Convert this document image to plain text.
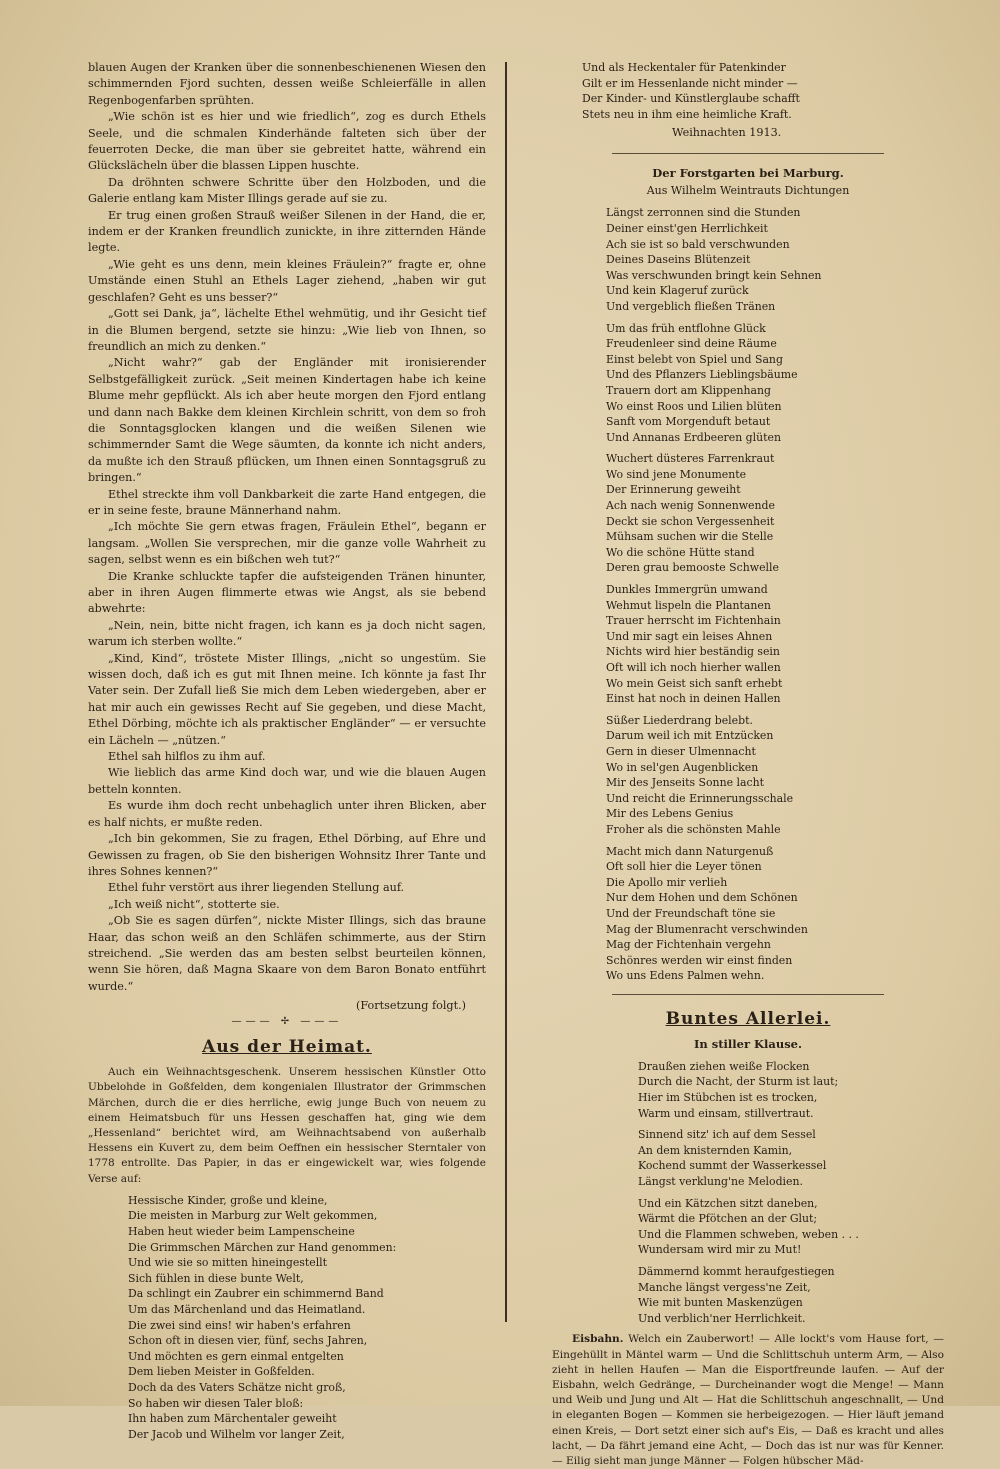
blauen Augen der Kranken über die sonnenbeschienenen Wiesen den schimmernden Fjord suchten, dessen weiße Schleierfälle in allen Regenbogenfarben sprühten.

„Wie schön ist es hier und wie friedlich“, zog es durch Ethels Seele, und die schmalen Kinderhände falteten sich über der feuerroten Decke, die man über sie gebreitet hatte, während ein Glückslächeln über die blassen Lippen huschte.

Da dröhnten schwere Schritte über den Holzboden, und die Galerie entlang kam Mister Illings gerade auf sie zu.

Er trug einen großen Strauß weißer Silenen in der Hand, die er, indem er der Kranken freundlich zunickte, in ihre zitternden Hände legte.

„Wie geht es uns denn, mein kleines Fräulein?“ fragte er, ohne Umstände einen Stuhl an Ethels Lager ziehend, „haben wir gut geschlafen? Geht es uns besser?“

„Gott sei Dank, ja“, lächelte Ethel wehmütig, und ihr Gesicht tief in die Blumen bergend, setzte sie hinzu: „Wie lieb von Ihnen, so freundlich an mich zu denken.“

„Nicht wahr?“ gab der Engländer mit ironisierender Selbstgefälligkeit zurück. „Seit meinen Kindertagen habe ich keine Blume mehr gepflückt. Als ich aber heute morgen den Fjord entlang und dann nach Bakke dem kleinen Kirchlein schritt, von dem so froh die Sonntagsglocken klangen und die weißen Silenen wie schimmernder Samt die Wege säumten, da konnte ich nicht anders, da mußte ich den Strauß pflücken, um Ihnen einen Sonntagsgruß zu bringen.“

Ethel streckte ihm voll Dankbarkeit die zarte Hand entgegen, die er in seine feste, braune Männerhand nahm.

„Ich möchte Sie gern etwas fragen, Fräulein Ethel“, begann er langsam. „Wollen Sie versprechen, mir die ganze volle Wahrheit zu sagen, selbst wenn es ein bißchen weh tut?“

Die Kranke schluckte tapfer die aufsteigenden Tränen hinunter, aber in ihren Augen flimmerte etwas wie Angst, als sie bebend abwehrte:

„Nein, nein, bitte nicht fragen, ich kann es ja doch nicht sagen, warum ich sterben wollte.“

„Kind, Kind“, tröstete Mister Illings, „nicht so ungestüm. Sie wissen doch, daß ich es gut mit Ihnen meine. Ich könnte ja fast Ihr Vater sein. Der Zufall ließ Sie mich dem Leben wiedergeben, aber er hat mir auch ein gewisses Recht auf Sie gegeben, und diese Macht, Ethel Dörbing, möchte ich als praktischer Engländer“ — er versuchte ein Lächeln — „nützen.“

Ethel sah hilflos zu ihm auf.

Wie lieblich das arme Kind doch war, und wie die blauen Augen betteln konnten.

Es wurde ihm doch recht unbehaglich unter ihren Blicken, aber es half nichts, er mußte reden.

„Ich bin gekommen, Sie zu fragen, Ethel Dörbing, auf Ehre und Gewissen zu fragen, ob Sie den bisherigen Wohnsitz Ihrer Tante und ihres Sohnes kennen?“

Ethel fuhr verstört aus ihrer liegenden Stellung auf.

„Ich weiß nicht“, stotterte sie.

„Ob Sie es sagen dürfen“, nickte Mister Illings, sich das braune Haar, das schon weiß an den Schläfen schimmerte, aus der Stirn streichend. „Sie werden das am besten selbst beurteilen können, wenn Sie hören, daß Magna Skaare von dem Baron Bonato entführt wurde.“

(Fortsetzung folgt.)
——— ✢ ———
Aus der Heimat.

Auch ein Weihnachtsgeschenk. Unserem hessischen Künstler Otto Ubbelohde in Goßfelden, dem kongenialen Illustrator der Grimmschen Märchen, durch die er dies herrliche, ewig junge Buch von neuem zu einem Heimatsbuch für uns Hessen geschaffen hat, ging wie dem „Hessenland“ berichtet wird, am Weihnachtsabend von außerhalb Hessens ein Kuvert zu, dem beim Oeffnen ein hessischer Sterntaler von 1778 entrollte. Das Papier, in das er eingewickelt war, wies folgende Verse auf:

Hessische Kinder, große und kleine,
Die meisten in Marburg zur Welt gekommen,
Haben heut wieder beim Lampenscheine
Die Grimmschen Märchen zur Hand genommen:
Und wie sie so mitten hineingestellt
Sich fühlen in diese bunte Welt,
Da schlingt ein Zaubrer ein schimmernd Band
Um das Märchenland und das Heimatland.
Die zwei sind eins! wir haben's erfahren
Schon oft in diesen vier, fünf, sechs Jahren,
Und möchten es gern einmal entgelten
Dem lieben Meister in Goßfelden.
Doch da des Vaters Schätze nicht groß,
So haben wir diesen Taler bloß:
Ihn haben zum Märchentaler geweiht
Der Jacob und Wilhelm vor langer Zeit,
Und als Heckentaler für Patenkinder
Gilt er im Hessenlande nicht minder —
Der Kinder- und Künstlerglaube schafft
Stets neu in ihm eine heimliche Kraft.
Weihnachten 1913.
Der Forstgarten bei Marburg.
Aus Wilhelm Weintrauts Dichtungen
Längst zerronnen sind die Stunden
Deiner einst'gen Herrlichkeit
Ach sie ist so bald verschwunden
Deines Daseins Blütenzeit
Was verschwunden bringt kein Sehnen
Und kein Klageruf zurück
Und vergeblich fließen Tränen
Um das früh entflohne Glück
Freudenleer sind deine Räume
Einst belebt von Spiel und Sang
Und des Pflanzers Lieblingsbäume
Trauern dort am Klippenhang
Wo einst Roos und Lilien blüten
Sanft vom Morgenduft betaut
Und Annanas Erdbeeren glüten
Wuchert düsteres Farrenkraut
Wo sind jene Monumente
Der Erinnerung geweiht
Ach nach wenig Sonnenwende
Deckt sie schon Vergessenheit
Mühsam suchen wir die Stelle
Wo die schöne Hütte stand
Deren grau bemooste Schwelle
Dunkles Immergrün umwand
Wehmut lispeln die Plantanen
Trauer herrscht im Fichtenhain
Und mir sagt ein leises Ahnen
Nichts wird hier beständig sein
Oft will ich noch hierher wallen
Wo mein Geist sich sanft erhebt
Einst hat noch in deinen Hallen
Süßer Liederdrang belebt.
Darum weil ich mit Entzücken
Gern in dieser Ulmennacht
Wo in sel'gen Augenblicken
Mir des Jenseits Sonne lacht
Und reicht die Erinnerungsschale
Mir des Lebens Genius
Froher als die schönsten Mahle
Macht mich dann Naturgenuß
Oft soll hier die Leyer tönen
Die Apollo mir verlieh
Nur dem Hohen und dem Schönen
Und der Freundschaft töne sie
Mag der Blumenracht verschwinden
Mag der Fichtenhain vergehn
Schönres werden wir einst finden
Wo uns Edens Palmen wehn.
Buntes Allerlei.
In stiller Klause.
Draußen ziehen weiße Flocken
Durch die Nacht, der Sturm ist laut;
Hier im Stübchen ist es trocken,
Warm und einsam, stillvertraut.
Sinnend sitz' ich auf dem Sessel
An dem knisternden Kamin,
Kochend summt der Wasserkessel
Längst verklung'ne Melodien.
Und ein Kätzchen sitzt daneben,
Wärmt die Pfötchen an der Glut;
Und die Flammen schweben, weben . . .
Wundersam wird mir zu Mut!
Dämmernd kommt heraufgestiegen
Manche längst vergess'ne Zeit,
Wie mit bunten Maskenzügen
Und verblich'ner Herrlichkeit.

Eisbahn. Welch ein Zauberwort! — Alle lockt's vom Hause fort, — Eingehüllt in Mäntel warm — Und die Schlittschuh unterm Arm, — Also zieht in hellen Haufen — Man die Eisportfreunde laufen. — Auf der Eisbahn, welch Gedränge, — Durcheinander wogt die Menge! — Mann und Weib und Jung und Alt — Hat die Schlittschuh angeschnallt, — Und in eleganten Bogen — Kommen sie herbeigezogen. — Hier läuft jemand einen Kreis, — Dort setzt einer sich auf's Eis, — Daß es kracht und alles lacht, — Da fährt jemand eine Acht, — Doch das ist nur was für Kenner. — Eilig sieht man junge Männer — Folgen hübscher Mäd-
